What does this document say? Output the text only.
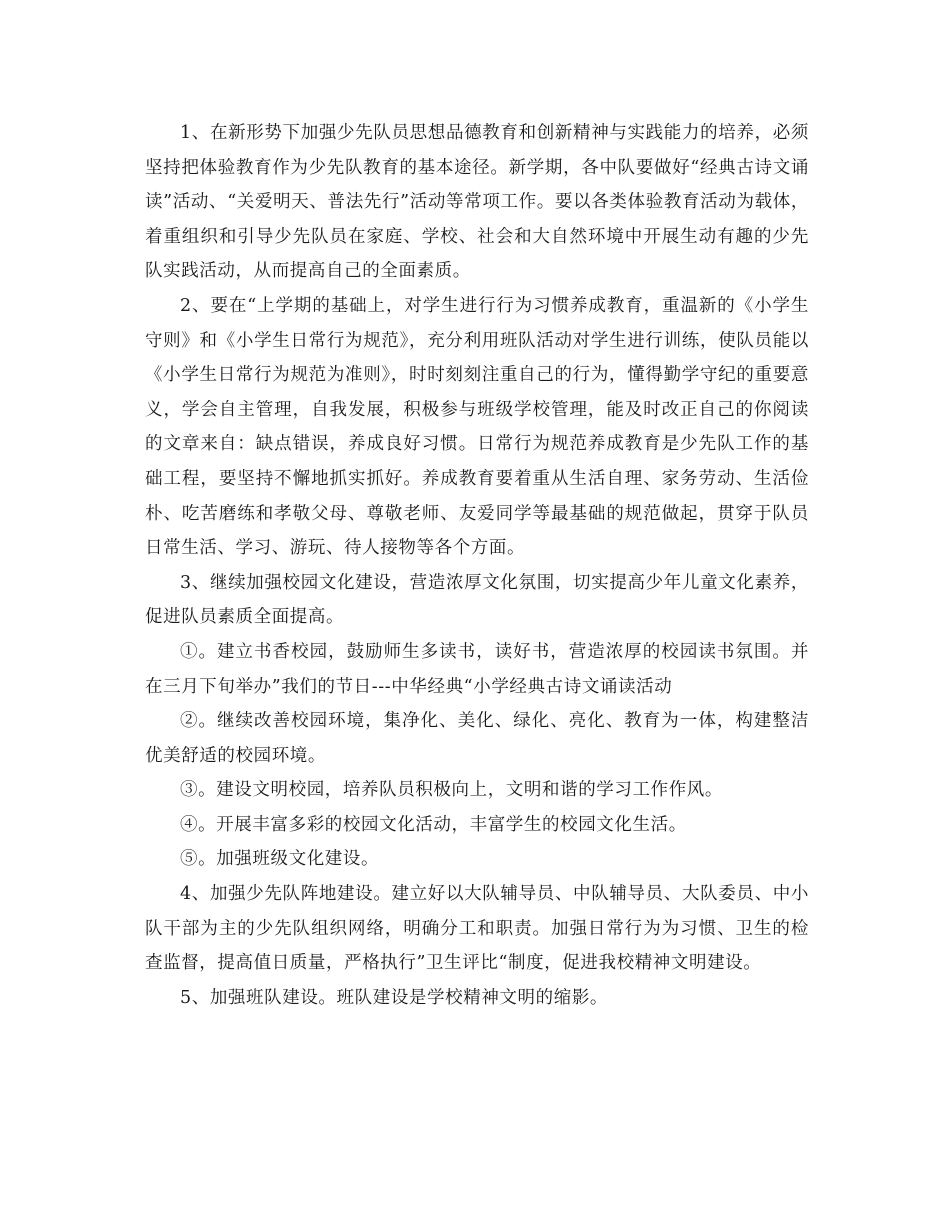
1、在新形势下加强少先队员思想品德教育和创新精神与实践能力的培养，必须坚持把体验教育作为少先队教育的基本途径。新学期，各中队要做好“经典古诗文诵读”活动、“关爱明天、普法先行”活动等常项工作。要以各类体验教育活动为载体，着重组织和引导少先队员在家庭、学校、社会和大自然环境中开展生动有趣的少先队实践活动，从而提高自己的全面素质。

2、要在“上学期的基础上，对学生进行行为习惯养成教育，重温新的《小学生守则》和《小学生日常行为规范》，充分利用班队活动对学生进行训练，使队员能以《小学生日常行为规范为准则》，时时刻刻注重自己的行为，懂得勤学守纪的重要意义，学会自主管理，自我发展，积极参与班级学校管理，能及时改正自己的你阅读的文章来自：缺点错误，养成良好习惯。日常行为规范养成教育是少先队工作的基础工程，要坚持不懈地抓实抓好。养成教育要着重从生活自理、家务劳动、生活俭朴、吃苦磨练和孝敬父母、尊敬老师、友爱同学等最基础的规范做起，贯穿于队员日常生活、学习、游玩、待人接物等各个方面。

3、继续加强校园文化建设，营造浓厚文化氛围，切实提高少年儿童文化素养，促进队员素质全面提高。

①。建立书香校园，鼓励师生多读书，读好书，营造浓厚的校园读书氛围。并在三月下旬举办”我们的节日---中华经典“小学经典古诗文诵读活动

②。继续改善校园环境，集净化、美化、绿化、亮化、教育为一体，构建整洁优美舒适的校园环境。

③。建设文明校园，培养队员积极向上，文明和谐的学习工作作风。

④。开展丰富多彩的校园文化活动，丰富学生的校园文化生活。

⑤。加强班级文化建设。

4、加强少先队阵地建设。建立好以大队辅导员、中队辅导员、大队委员、中小队干部为主的少先队组织网络，明确分工和职责。加强日常行为为习惯、卫生的检查监督，提高值日质量，严格执行”卫生评比“制度，促进我校精神文明建设。

5、加强班队建设。班队建设是学校精神文明的缩影。
